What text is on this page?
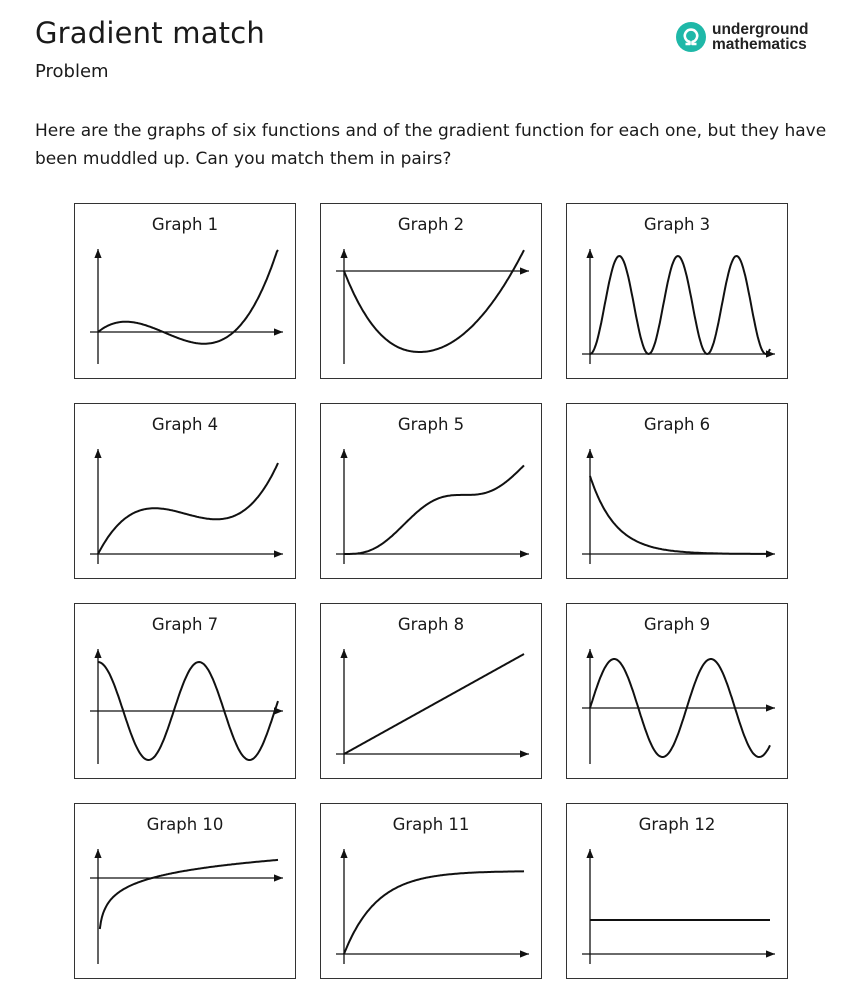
Gradient match
Problem
underground
mathematics
Here are the graphs of six functions and of the gradient function for each one, but they have been muddled up. Can you match them in pairs?
Graph 1	Graph 2	Graph 3
Graph 4	Graph 5	Graph 6
Graph 7	Graph 8	Graph 9
Graph 10	Graph 11	Graph 12
